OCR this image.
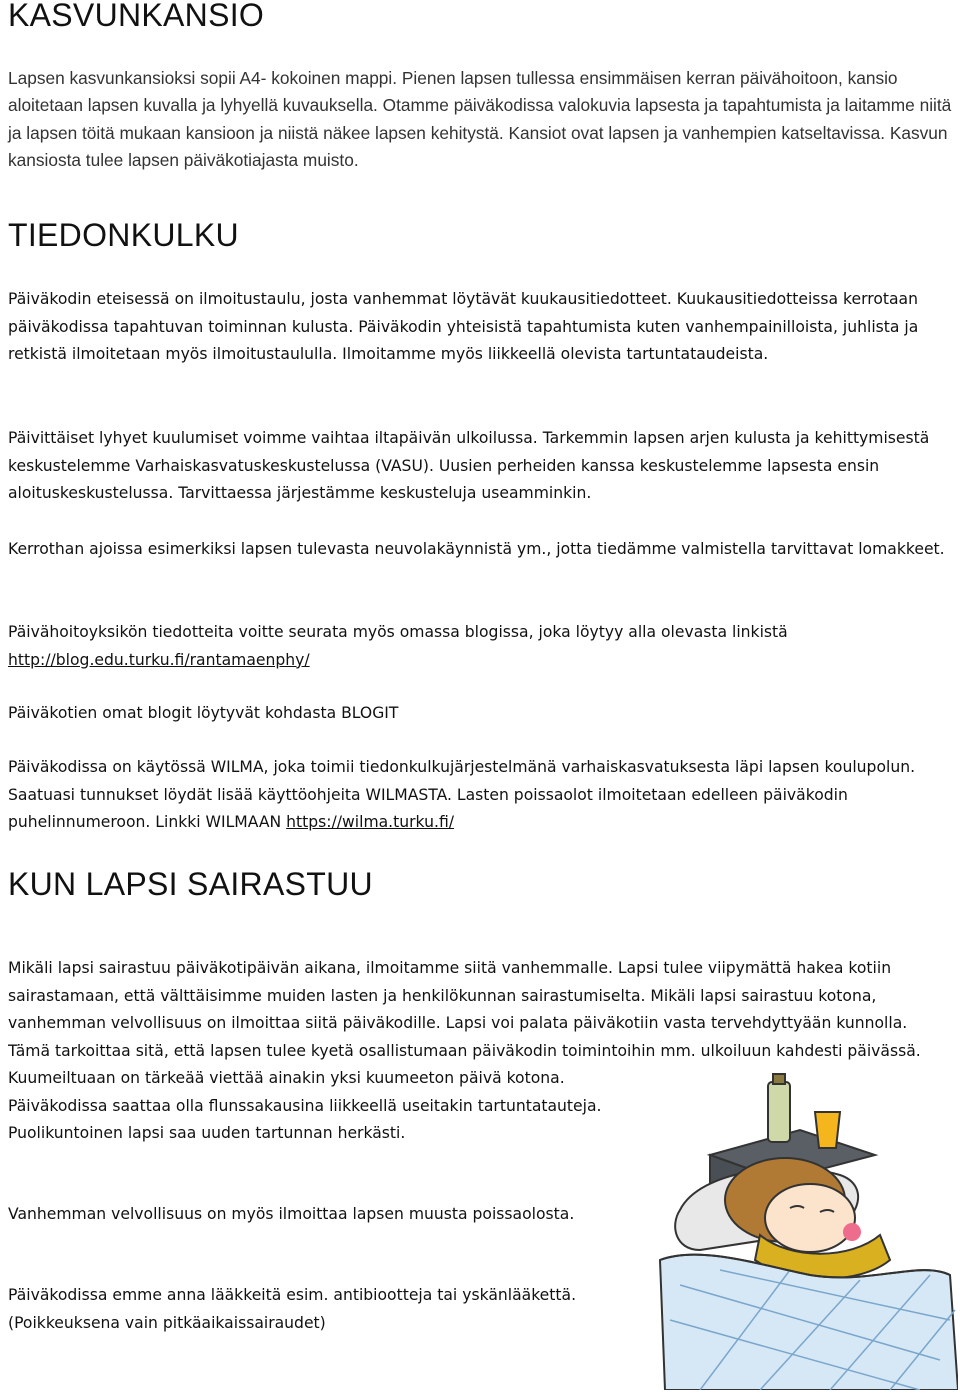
KASVUNKANSIO

Lapsen kasvunkansioksi sopii A4- kokoinen mappi. Pienen lapsen tullessa ensimmäisen kerran päivähoitoon, kansio aloitetaan lapsen kuvalla ja lyhyellä kuvauksella. Otamme päiväkodissa valokuvia lapsesta ja tapahtumista ja laitamme niitä ja lapsen töitä mukaan kansioon ja niistä näkee lapsen kehitystä. Kansiot ovat lapsen ja vanhempien katseltavissa. Kasvun kansiosta tulee lapsen päiväkotiajasta muisto.

TIEDONKULKU

Päiväkodin eteisessä on ilmoitustaulu, josta vanhemmat löytävät kuukausitiedotteet. Kuukausitiedotteissa kerrotaan päiväkodissa tapahtuvan toiminnan kulusta. Päiväkodin yhteisistä tapahtumista kuten vanhempainilloista, juhlista ja retkistä ilmoitetaan myös ilmoitustaululla. Ilmoitamme myös liikkeellä olevista tartuntataudeista.

Päivittäiset lyhyet kuulumiset voimme vaihtaa iltapäivän ulkoilussa. Tarkemmin lapsen arjen kulusta ja kehittymisestä keskustelemme Varhaiskasvatuskeskustelussa (VASU). Uusien perheiden kanssa keskustelemme lapsesta ensin aloituskeskustelussa. Tarvittaessa järjestämme keskusteluja useamminkin.

Kerrothan ajoissa esimerkiksi lapsen tulevasta neuvolakäynnistä ym., jotta tiedämme valmistella tarvittavat lomakkeet.

Päivähoitoyksikön tiedotteita voitte seurata myös omassa blogissa, joka löytyy alla olevasta linkistä
http://blog.edu.turku.fi/rantamaenphy/

Päiväkotien omat blogit löytyvät kohdasta BLOGIT

Päiväkodissa on käytössä WILMA, joka toimii tiedonkulkujärjestelmänä varhaiskasvatuksesta läpi lapsen koulupolun. Saatuasi tunnukset löydät lisää käyttöohjeita WILMASTA. Lasten poissaolot ilmoitetaan edelleen päiväkodin puhelinnumeroon. Linkki WILMAAN https://wilma.turku.fi/

KUN LAPSI SAIRASTUU

Mikäli lapsi sairastuu päiväkotipäivän aikana, ilmoitamme siitä vanhemmalle. Lapsi tulee viipymättä hakea kotiin sairastamaan, että välttäisimme muiden lasten ja henkilökunnan sairastumiselta. Mikäli lapsi sairastuu kotona, vanhemman velvollisuus on ilmoittaa siitä päiväkodille. Lapsi voi palata päiväkotiin vasta tervehdyttyään kunnolla. Tämä tarkoittaa sitä, että lapsen tulee kyetä osallistumaan päiväkodin toimintoihin mm. ulkoiluun kahdesti päivässä.

Vanhemman velvollisuus on myös ilmoittaa lapsen muusta poissaolosta.

Päiväkodissa emme anna lääkkeitä esim. antibiootteja tai yskänlääkettä. (Poikkeuksena vain pitkäaikaissairaudet)

Kuumeiltuaan on tärkeää viettää ainakin yksi kuumeeton päivä kotona. Päiväkodissa saattaa olla flunssakausina liikkeellä useitakin tartuntatauteja. Puolikuntoinen lapsi saa uuden tartunnan herkästi.
